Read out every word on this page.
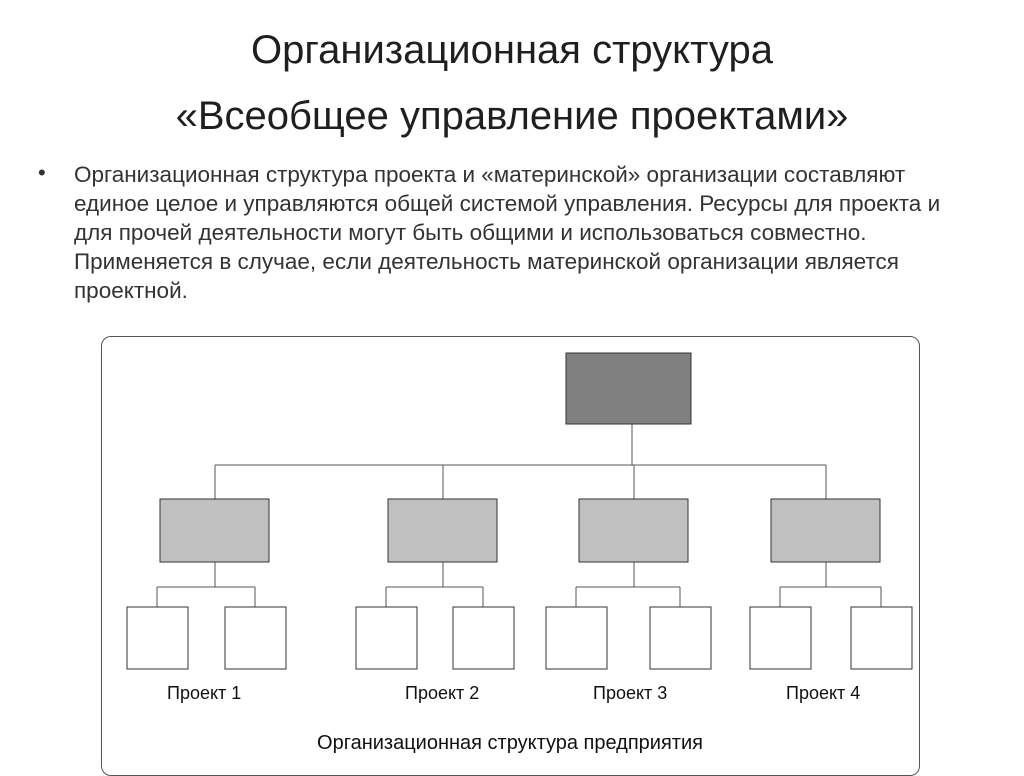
Организационная структура
«Всеобщее управление проектами»
• Организационная структура проекта и «материнской» организации составляют единое целое и управляются общей системой управления. Ресурсы для проекта и для прочей деятельности могут быть общими и использоваться совместно. Применяется в случае, если деятельность материнской организации является проектной.
Проект 1	Проект 2	Проект 3	Проект 4
Организационная структура предприятия
